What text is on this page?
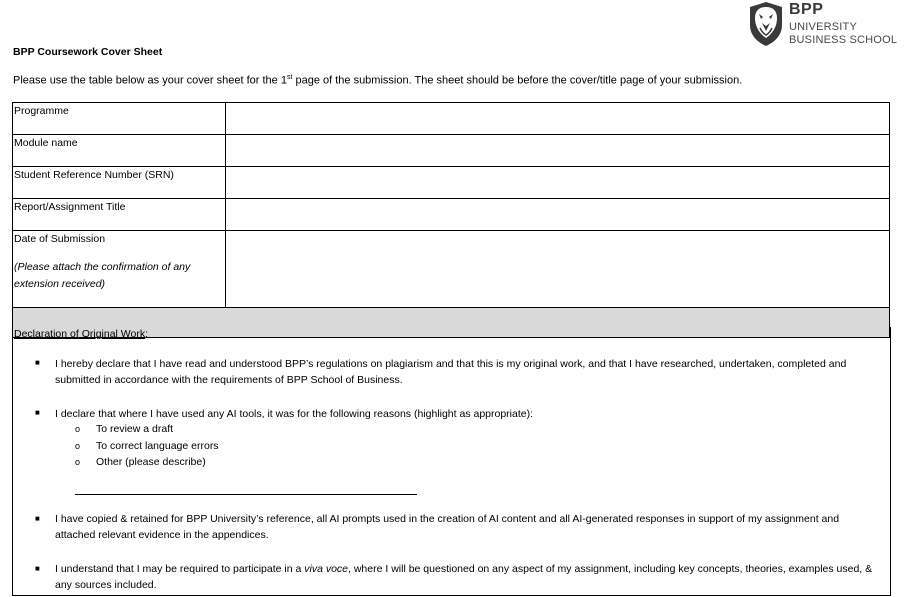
BPP
UNIVERSITY
BUSINESS SCHOOL
BPP Coursework Cover Sheet
Please use the table below as your cover sheet for the 1st page of the submission. The sheet should be before the cover/title page of your submission.
Programme	
Module name	
Student Reference Number (SRN)	
Report/Assignment Title	

Date of Submission
(Please attach the confirmation of any extension received)	

Declaration of Original Work:
■	I hereby declare that I have read and understood BPP’s regulations on plagiarism and that this is my original work, and that I have researched, undertaken, completed and submitted in accordance with the requirements of BPP School of Business.
■	I declare that where I have used any AI tools, it was for the following reasons (highlight as appropriate):
o To review a draft
o To correct language errors
o Other (please describe)
■	I have copied & retained for BPP University’s reference, all AI prompts used in the creation of AI content and all AI-generated responses in support of my assignment and attached relevant evidence in the appendices.
■	I understand that I may be required to participate in a viva voce, where I will be questioned on any aspect of my assignment, including key concepts, theories, examples used, & any sources included.
